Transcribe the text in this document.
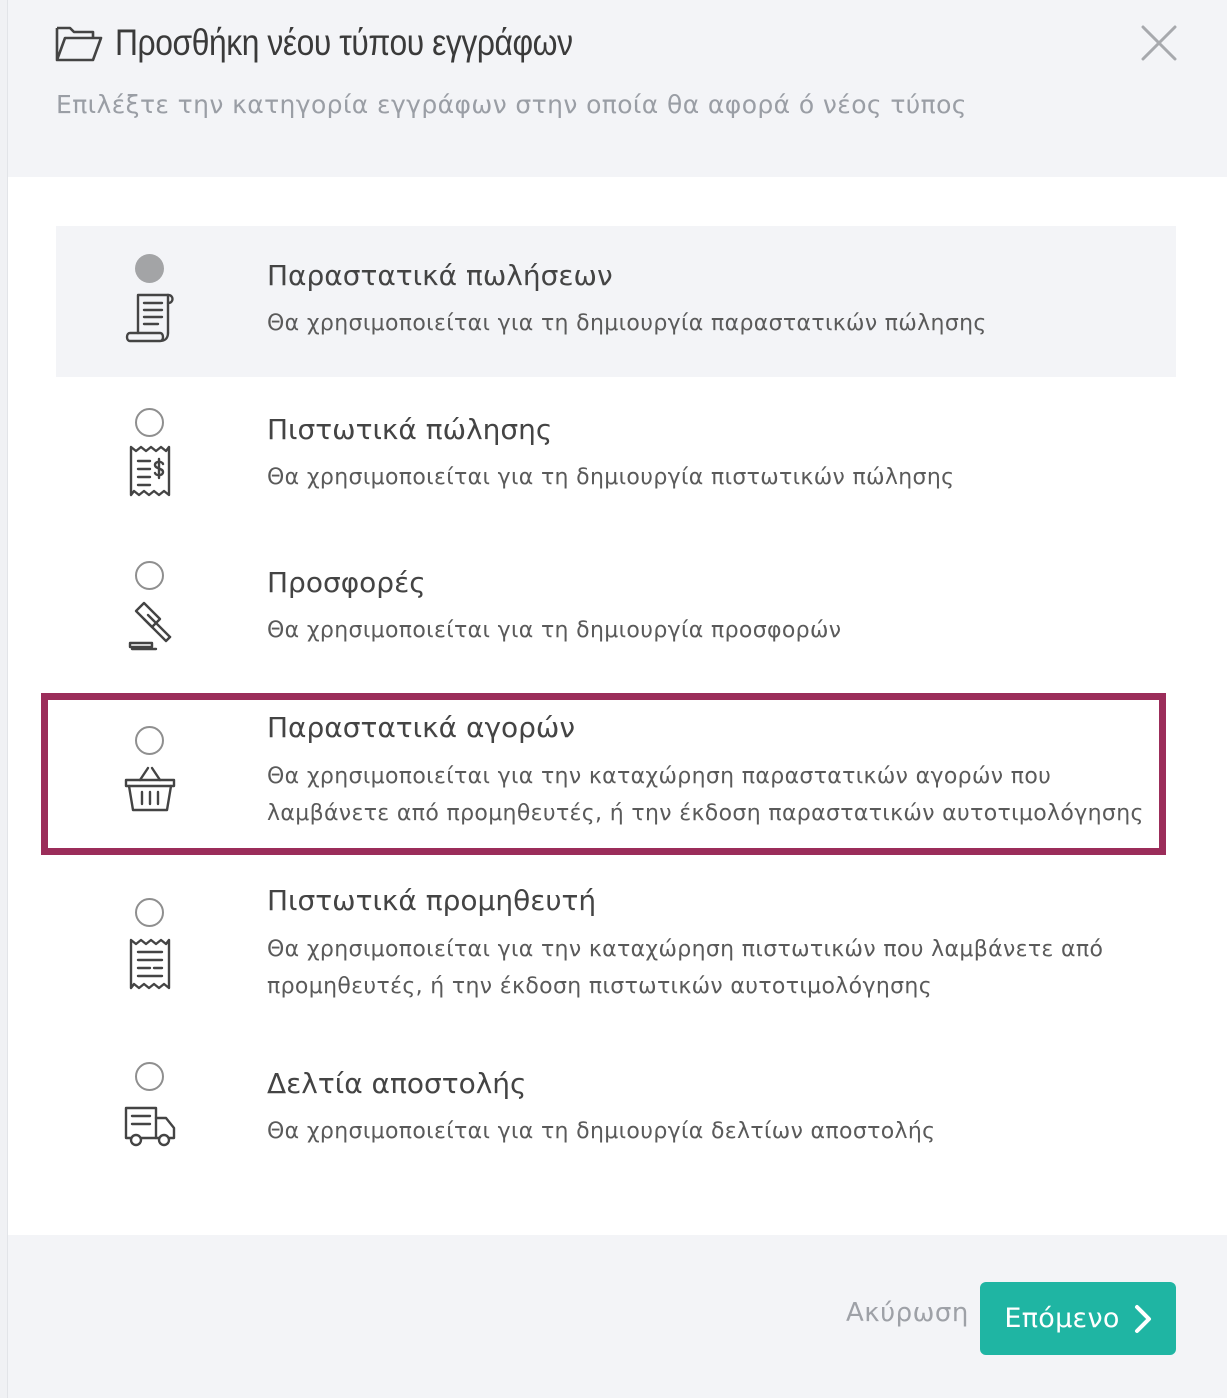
Προσθήκη νέου τύπου εγγράφων
Επιλέξτε την κατηγορία εγγράφων στην οποία θα αφορά ό νέος τύπος
Παραστατικά πωλήσεων
Θα χρησιμοποιείται για τη δημιουργία παραστατικών πώλησης
Πιστωτικά πώλησης
Θα χρησιμοποιείται για τη δημιουργία πιστωτικών πώλησης
Προσφορές
Θα χρησιμοποιείται για τη δημιουργία προσφορών
Παραστατικά αγορών
Θα χρησιμοποιείται για την καταχώρηση παραστατικών αγορών που λαμβάνετε από προμηθευτές, ή την έκδοση παραστατικών αυτοτιμολόγησης
Πιστωτικά προμηθευτή
Θα χρησιμοποιείται για την καταχώρηση πιστωτικών που λαμβάνετε από προμηθευτές, ή την έκδοση πιστωτικών αυτοτιμολόγησης
Δελτία αποστολής
Θα χρησιμοποιείται για τη δημιουργία δελτίων αποστολής
Ακύρωση Επόμενο
